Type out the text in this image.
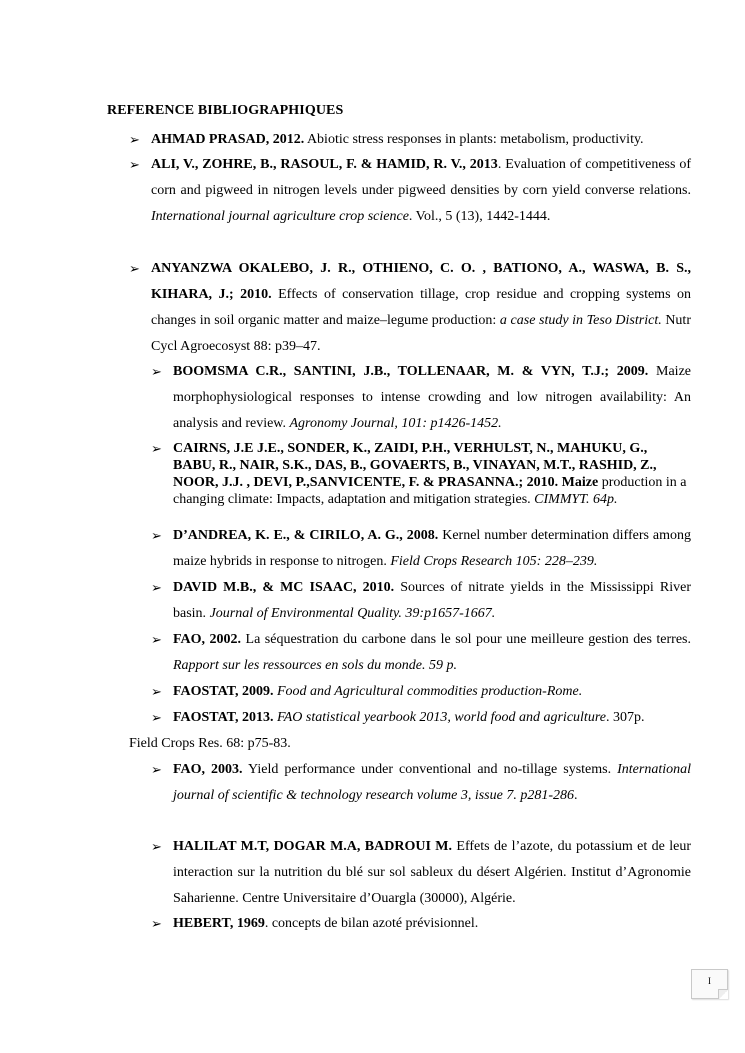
REFERENCE BIBLIOGRAPHIQUES
➢ AHMAD PRASAD, 2012. Abiotic stress responses in plants: metabolism, productivity.
➢ ALI, V., ZOHRE, B., RASOUL, F. & HAMID, R. V., 2013. Evaluation of competitiveness of corn and pigweed in nitrogen levels under pigweed densities by corn yield converse relations. International journal agriculture crop science. Vol., 5 (13), 1442-1444.
➢ ANYANZWA OKALEBO, J. R., OTHIENO, C. O. , BATIONO, A., WASWA, B. S., KIHARA, J.; 2010. Effects of conservation tillage, crop residue and cropping systems on changes in soil organic matter and maize–legume production: a case study in Teso District. Nutr Cycl Agroecosyst 88: p39–47.
➢ BOOMSMA C.R., SANTINI, J.B., TOLLENAAR, M. & VYN, T.J.; 2009. Maize morphophysiological responses to intense crowding and low nitrogen availability: An analysis and review. Agronomy Journal, 101: p1426-1452.
➢ CAIRNS, J.E J.E., SONDER, K., ZAIDI, P.H., VERHULST, N., MAHUKU, G., BABU, R., NAIR, S.K., DAS, B., GOVAERTS, B., VINAYAN, M.T., RASHID, Z., NOOR, J.J. , DEVI, P.,SANVICENTE, F. & PRASANNA.; 2010. Maize production in a changing climate: Impacts, adaptation and mitigation strategies. CIMMYT. 64p.
➢ D’ANDREA, K. E., & CIRILO, A. G., 2008. Kernel number determination differs among maize hybrids in response to nitrogen. Field Crops Research 105: 228–239.
➢ DAVID M.B., & MC ISAAC, 2010. Sources of nitrate yields in the Mississippi River basin. Journal of Environmental Quality. 39:p1657-1667.
➢ FAO, 2002. La séquestration du carbone dans le sol pour une meilleure gestion des terres. Rapport sur les ressources en sols du monde. 59 p.
➢ FAOSTAT, 2009. Food and Agricultural commodities production-Rome.
➢ FAOSTAT, 2013. FAO statistical yearbook 2013, world food and agriculture. 307p.
Field Crops Res. 68: p75-83.
➢ FAO, 2003. Yield performance under conventional and no-tillage systems. International journal of scientific & technology research volume 3, issue 7. p281-286.
➢ HALILAT M.T, DOGAR M.A, BADROUI M. Effets de l’azote, du potassium et de leur interaction sur la nutrition du blé sur sol sableux du désert Algérien. Institut d’Agronomie Saharienne. Centre Universitaire d’Ouargla (30000), Algérie.
➢ HEBERT, 1969. concepts de bilan azoté prévisionnel.
I
